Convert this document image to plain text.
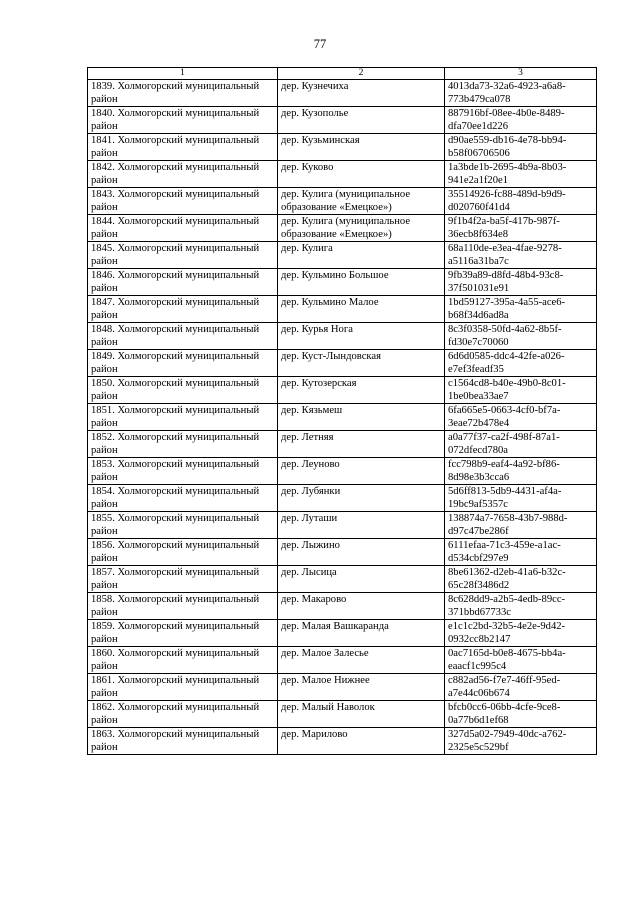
77
1	2	3
1839. Холмогорский муниципальный район	дер. Кузнечиха	4013da73-32a6-4923-a6a8-773b479ca078
1840. Холмогорский муниципальный район	дер. Кузополье	887916bf-08ee-4b0e-8489-dfa70ee1d226
1841. Холмогорский муниципальный район	дер. Кузьминская	d90ae559-db16-4e78-bb94-b58f06706506
1842. Холмогорский муниципальный район	дер. Куково	1a3bde1b-2695-4b9a-8b03-941e2a1f20e1
1843. Холмогорский муниципальный район	дер. Кулига (муниципальное образование «Емецкое»)	35514926-fc88-489d-b9d9-d020760f41d4
1844. Холмогорский муниципальный район	дер. Кулига (муниципальное образование «Емецкое»)	9f1b4f2a-ba5f-417b-987f-36ecb8f634e8
1845. Холмогорский муниципальный район	дер. Кулига	68a110de-e3ea-4fae-9278-a5116a31ba7c
1846. Холмогорский муниципальный район	дер. Кульмино Большое	9fb39a89-d8fd-48b4-93c8-37f501031e91
1847. Холмогорский муниципальный район	дер. Кульмино Малое	1bd59127-395a-4a55-ace6-b68f34d6ad8a
1848. Холмогорский муниципальный район	дер. Курья Нога	8c3f0358-50fd-4a62-8b5f-fd30e7c70060
1849. Холмогорский муниципальный район	дер. Куст-Лындовская	6d6d0585-ddc4-42fe-a026-e7ef3feadf35
1850. Холмогорский муниципальный район	дер. Кутозерская	c1564cd8-b40e-49b0-8c01-1be0bea33ae7
1851. Холмогорский муниципальный район	дер. Кязьмеш	6fa665e5-0663-4cf0-bf7a-3eae72b478e4
1852. Холмогорский муниципальный район	дер. Летняя	a0a77f37-ca2f-498f-87a1-072dfecd780a
1853. Холмогорский муниципальный район	дер. Леуново	fcc798b9-eaf4-4a92-bf86-8d98e3b3cca6
1854. Холмогорский муниципальный район	дер. Лубянки	5d6ff813-5db9-4431-af4a-19bc9af5357c
1855. Холмогорский муниципальный район	дер. Луташи	138874a7-7658-43b7-988d-d97c47be286f
1856. Холмогорский муниципальный район	дер. Лыжино	6111efaa-71c3-459e-a1ac-d534cbf297e9
1857. Холмогорский муниципальный район	дер. Лысица	8be61362-d2eb-41a6-b32c-65c28f3486d2
1858. Холмогорский муниципальный район	дер. Макарово	8c628dd9-a2b5-4edb-89cc-371bbd67733c
1859. Холмогорский муниципальный район	дер. Малая Вашкаранда	e1c1c2bd-32b5-4e2e-9d42-0932cc8b2147
1860. Холмогорский муниципальный район	дер. Малое Залесье	0ac7165d-b0e8-4675-bb4a-eaacf1c995c4
1861. Холмогорский муниципальный район	дер. Малое Нижнее	c882ad56-f7e7-46ff-95ed-a7e44c06b674
1862. Холмогорский муниципальный район	дер. Малый Наволок	bfcb0cc6-06bb-4cfe-9ce8-0a77b6d1ef68
1863. Холмогорский муниципальный район	дер. Марилово	327d5a02-7949-40dc-a762-2325e5c529bf
